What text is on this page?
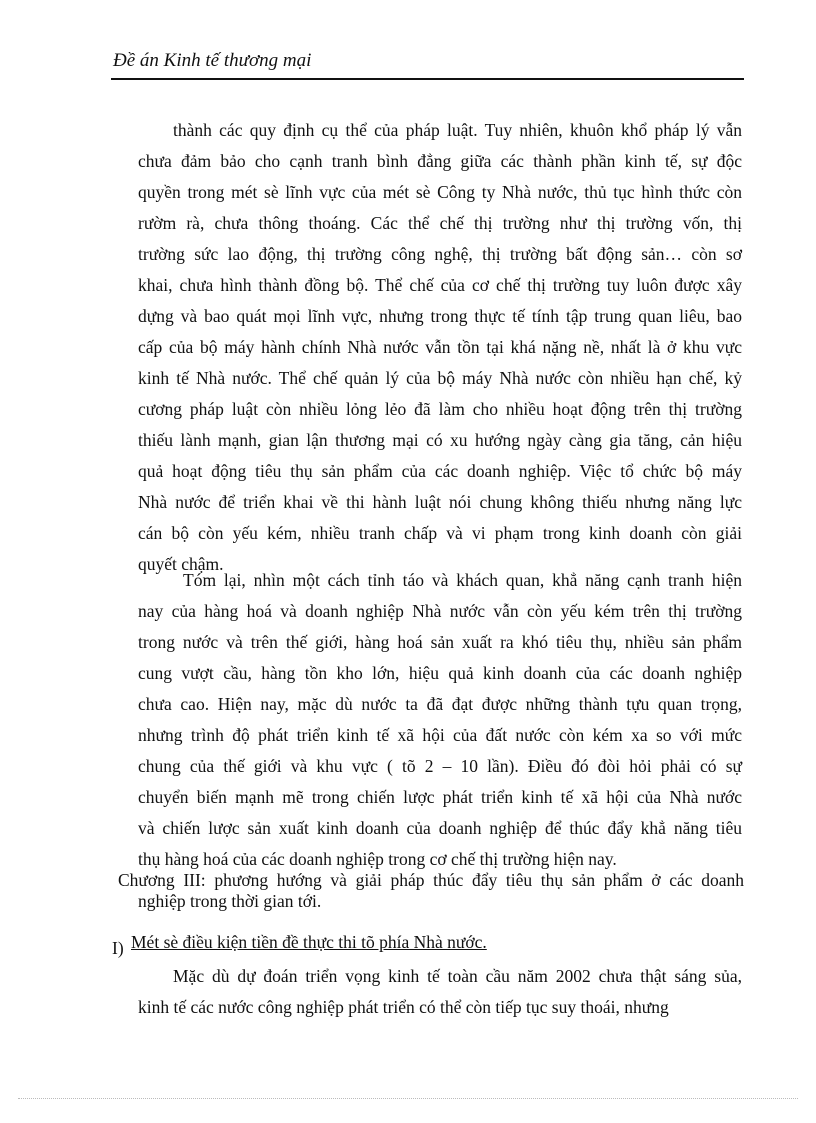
Đề án Kinh tế thương mại
thành các quy định cụ thể của pháp luật. Tuy nhiên, khuôn khổ pháp lý vẫn
chưa đảm bảo cho cạnh tranh bình đẳng giữa các thành phần kinh tế, sự độc
quyền trong mét sè lĩnh vực của mét sè Công ty Nhà nước, thủ tục hình thức còn
rườm rà, chưa thông thoáng. Các thể chế thị trường như thị trường vốn, thị
trường sức lao động, thị trường công nghệ, thị trường bất động sản… còn sơ
khai, chưa hình thành đồng bộ. Thể chế của cơ chế thị trường tuy luôn được xây
dựng và bao quát mọi lĩnh vực, nhưng trong thực tế tính tập trung quan liêu, bao
cấp của bộ máy hành chính Nhà nước vẫn tồn tại khá nặng nề, nhất là ở khu vực
kinh tế Nhà nước. Thể chế quản lý của bộ máy Nhà nước còn nhiều hạn chế, kỷ
cương pháp luật còn nhiều lỏng lẻo đã làm cho nhiều hoạt động trên thị trường
thiếu lành mạnh, gian lận thương mại có xu hướng ngày càng gia tăng, cản hiệu
quả hoạt động tiêu thụ sản phẩm của các doanh nghiệp. Việc tổ chức bộ máy
Nhà nước để triển khai về thi hành luật nói chung không thiếu nhưng năng lực
cán bộ còn yếu kém, nhiều tranh chấp và vi phạm trong kinh doanh còn giải
quyết chậm.
Tóm lại, nhìn một cách tỉnh táo và khách quan, khẳ năng cạnh tranh hiện
nay của hàng hoá và doanh nghiệp Nhà nước vẫn còn yếu kém trên thị trường
trong nước và trên thế giới, hàng hoá sản xuất ra khó tiêu thụ, nhiều sản phẩm
cung vượt cầu, hàng tồn kho lớn, hiệu quả kinh doanh của các doanh nghiệp
chưa cao. Hiện nay, mặc dù nước ta đã đạt được những thành tựu quan trọng,
nhưng trình độ phát triển kinh tế xã hội của đất nước còn kém xa so với mức
chung của thế giới và khu vực ( tõ 2 – 10 lần). Điều đó đòi hỏi phải có sự
chuyển biến mạnh mẽ trong chiến lược phát triển kinh tế xã hội của Nhà nước
và chiến lược sản xuất kinh doanh của doanh nghiệp để thúc đẩy khẳ năng tiêu
thụ hàng hoá của các doanh nghiệp trong cơ chế thị trường hiện nay.
Chương III: phương hướng và giải pháp thúc đẩy tiêu thụ sản phẩm ở các doanh
nghiệp trong thời gian tới.
I) Mét sè điều kiện tiền đề thực thi tõ phía Nhà nước.
Mặc dù dự đoán triển vọng kinh tế toàn cầu năm 2002 chưa thật sáng sủa,
kinh tế các nước công nghiệp phát triển có thể còn tiếp tục suy thoái, nhưng
